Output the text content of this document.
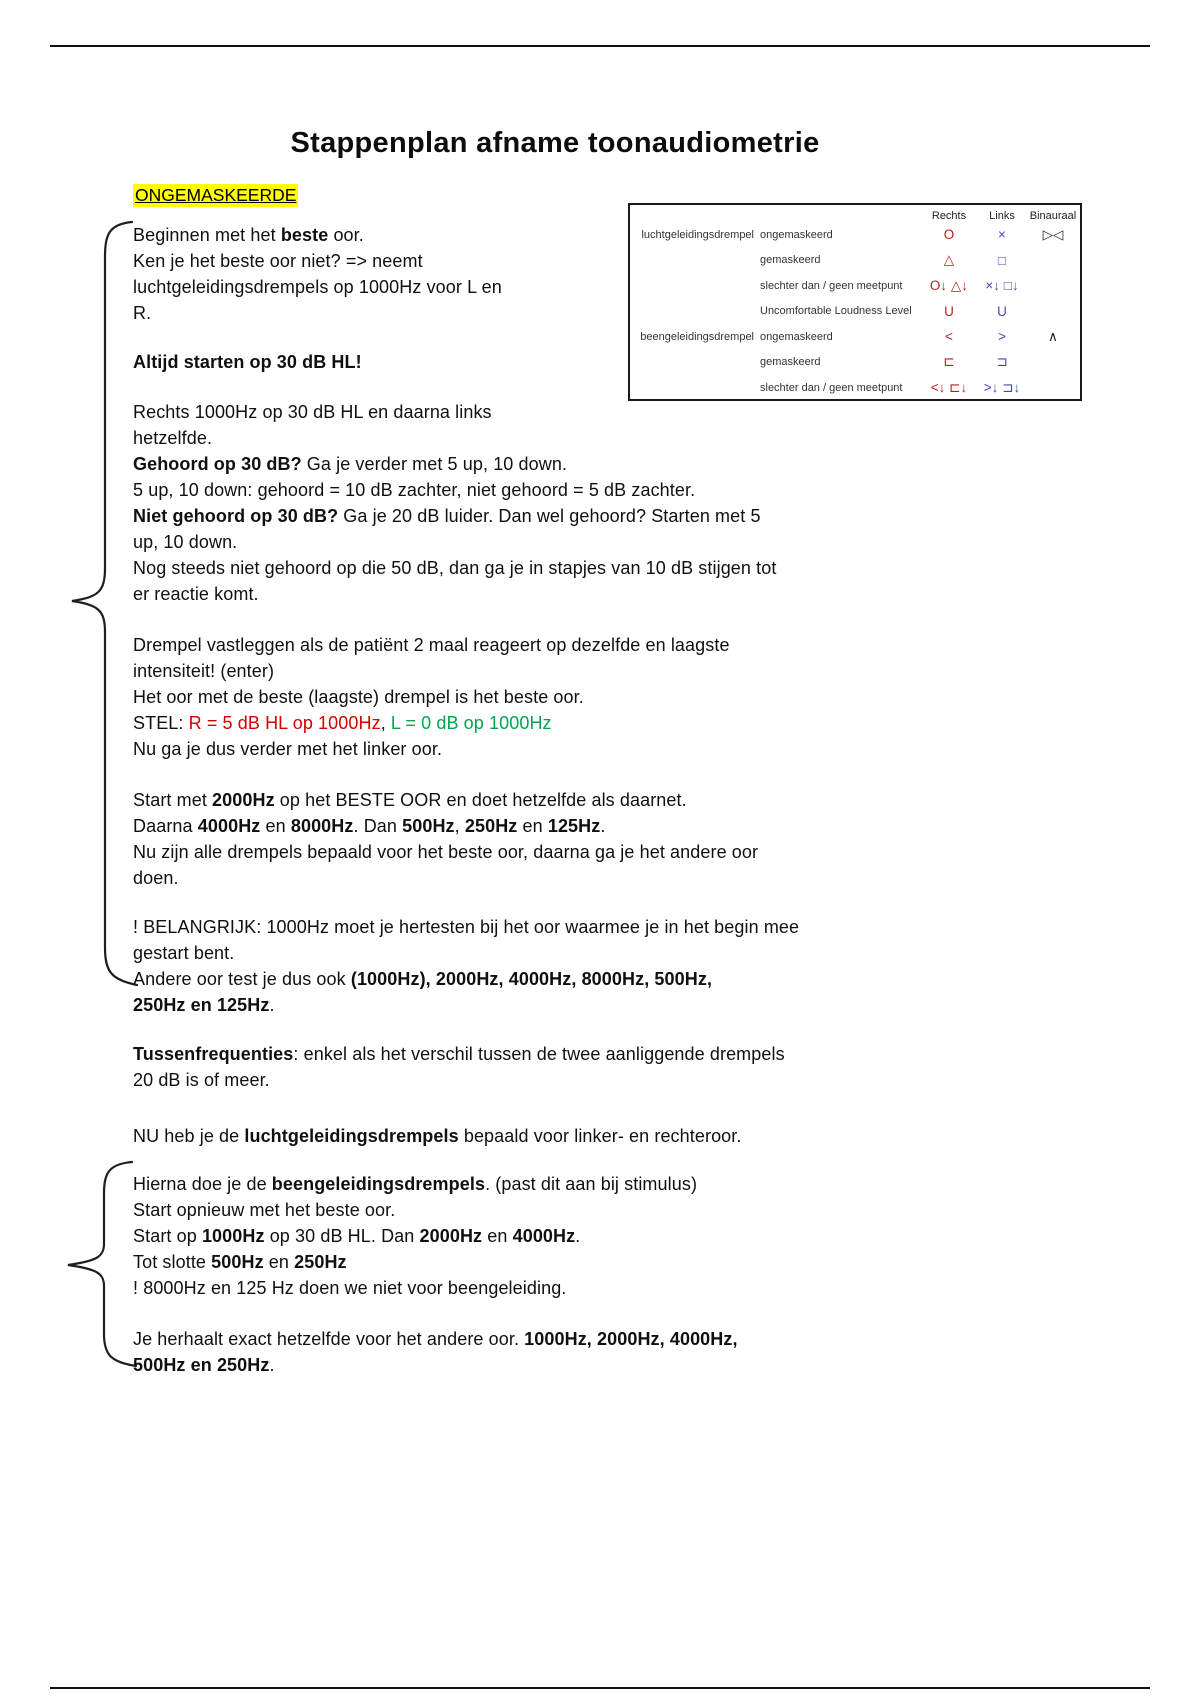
Stappenplan afname toonaudiometrie
ONGEMASKEERDE
Rechts	Links	Binauraal
luchtgeleidingsdrempel ongemaskeerd	O	×	▷◁
gemaskeerd	△	□
slechter dan / geen meetpunt	O↓ △↓	×↓ □↓
Uncomfortable Loudness Level	U	U
beengeleidingsdrempel ongemaskeerd	<	>	∧
gemaskeerd	⊏	⊐
slechter dan / geen meetpunt	<↓ ⊏↓	>↓ ⊐↓
Beginnen met het beste oor.
Ken je het beste oor niet? => neemt
luchtgeleidingsdrempels op 1000Hz voor L en
R.
Altijd starten op 30 dB HL!
Rechts 1000Hz op 30 dB HL en daarna links
hetzelfde.
Gehoord op 30 dB? Ga je verder met 5 up, 10 down.
5 up, 10 down: gehoord = 10 dB zachter, niet gehoord = 5 dB zachter.
Niet gehoord op 30 dB? Ga je 20 dB luider. Dan wel gehoord? Starten met 5
up, 10 down.
Nog steeds niet gehoord op die 50 dB, dan ga je in stapjes van 10 dB stijgen tot
er reactie komt.
Drempel vastleggen als de patiënt 2 maal reageert op dezelfde en laagste
intensiteit! (enter)
Het oor met de beste (laagste) drempel is het beste oor.
STEL: R = 5 dB HL op 1000Hz, L = 0 dB op 1000Hz
Nu ga je dus verder met het linker oor.
Start met 2000Hz op het BESTE OOR en doet hetzelfde als daarnet.
Daarna 4000Hz en 8000Hz. Dan 500Hz, 250Hz en 125Hz.
Nu zijn alle drempels bepaald voor het beste oor, daarna ga je het andere oor
doen.
! BELANGRIJK: 1000Hz moet je hertesten bij het oor waarmee je in het begin mee
gestart bent.
Andere oor test je dus ook (1000Hz), 2000Hz, 4000Hz, 8000Hz, 500Hz,
250Hz en 125Hz.
Tussenfrequenties: enkel als het verschil tussen de twee aanliggende drempels
20 dB is of meer.
NU heb je de luchtgeleidingsdrempels bepaald voor linker- en rechteroor.
Hierna doe je de beengeleidingsdrempels. (past dit aan bij stimulus)
Start opnieuw met het beste oor.
Start op 1000Hz op 30 dB HL. Dan 2000Hz en 4000Hz.
Tot slotte 500Hz en 250Hz
! 8000Hz en 125 Hz doen we niet voor beengeleiding.
Je herhaalt exact hetzelfde voor het andere oor. 1000Hz, 2000Hz, 4000Hz,
500Hz en 250Hz.
